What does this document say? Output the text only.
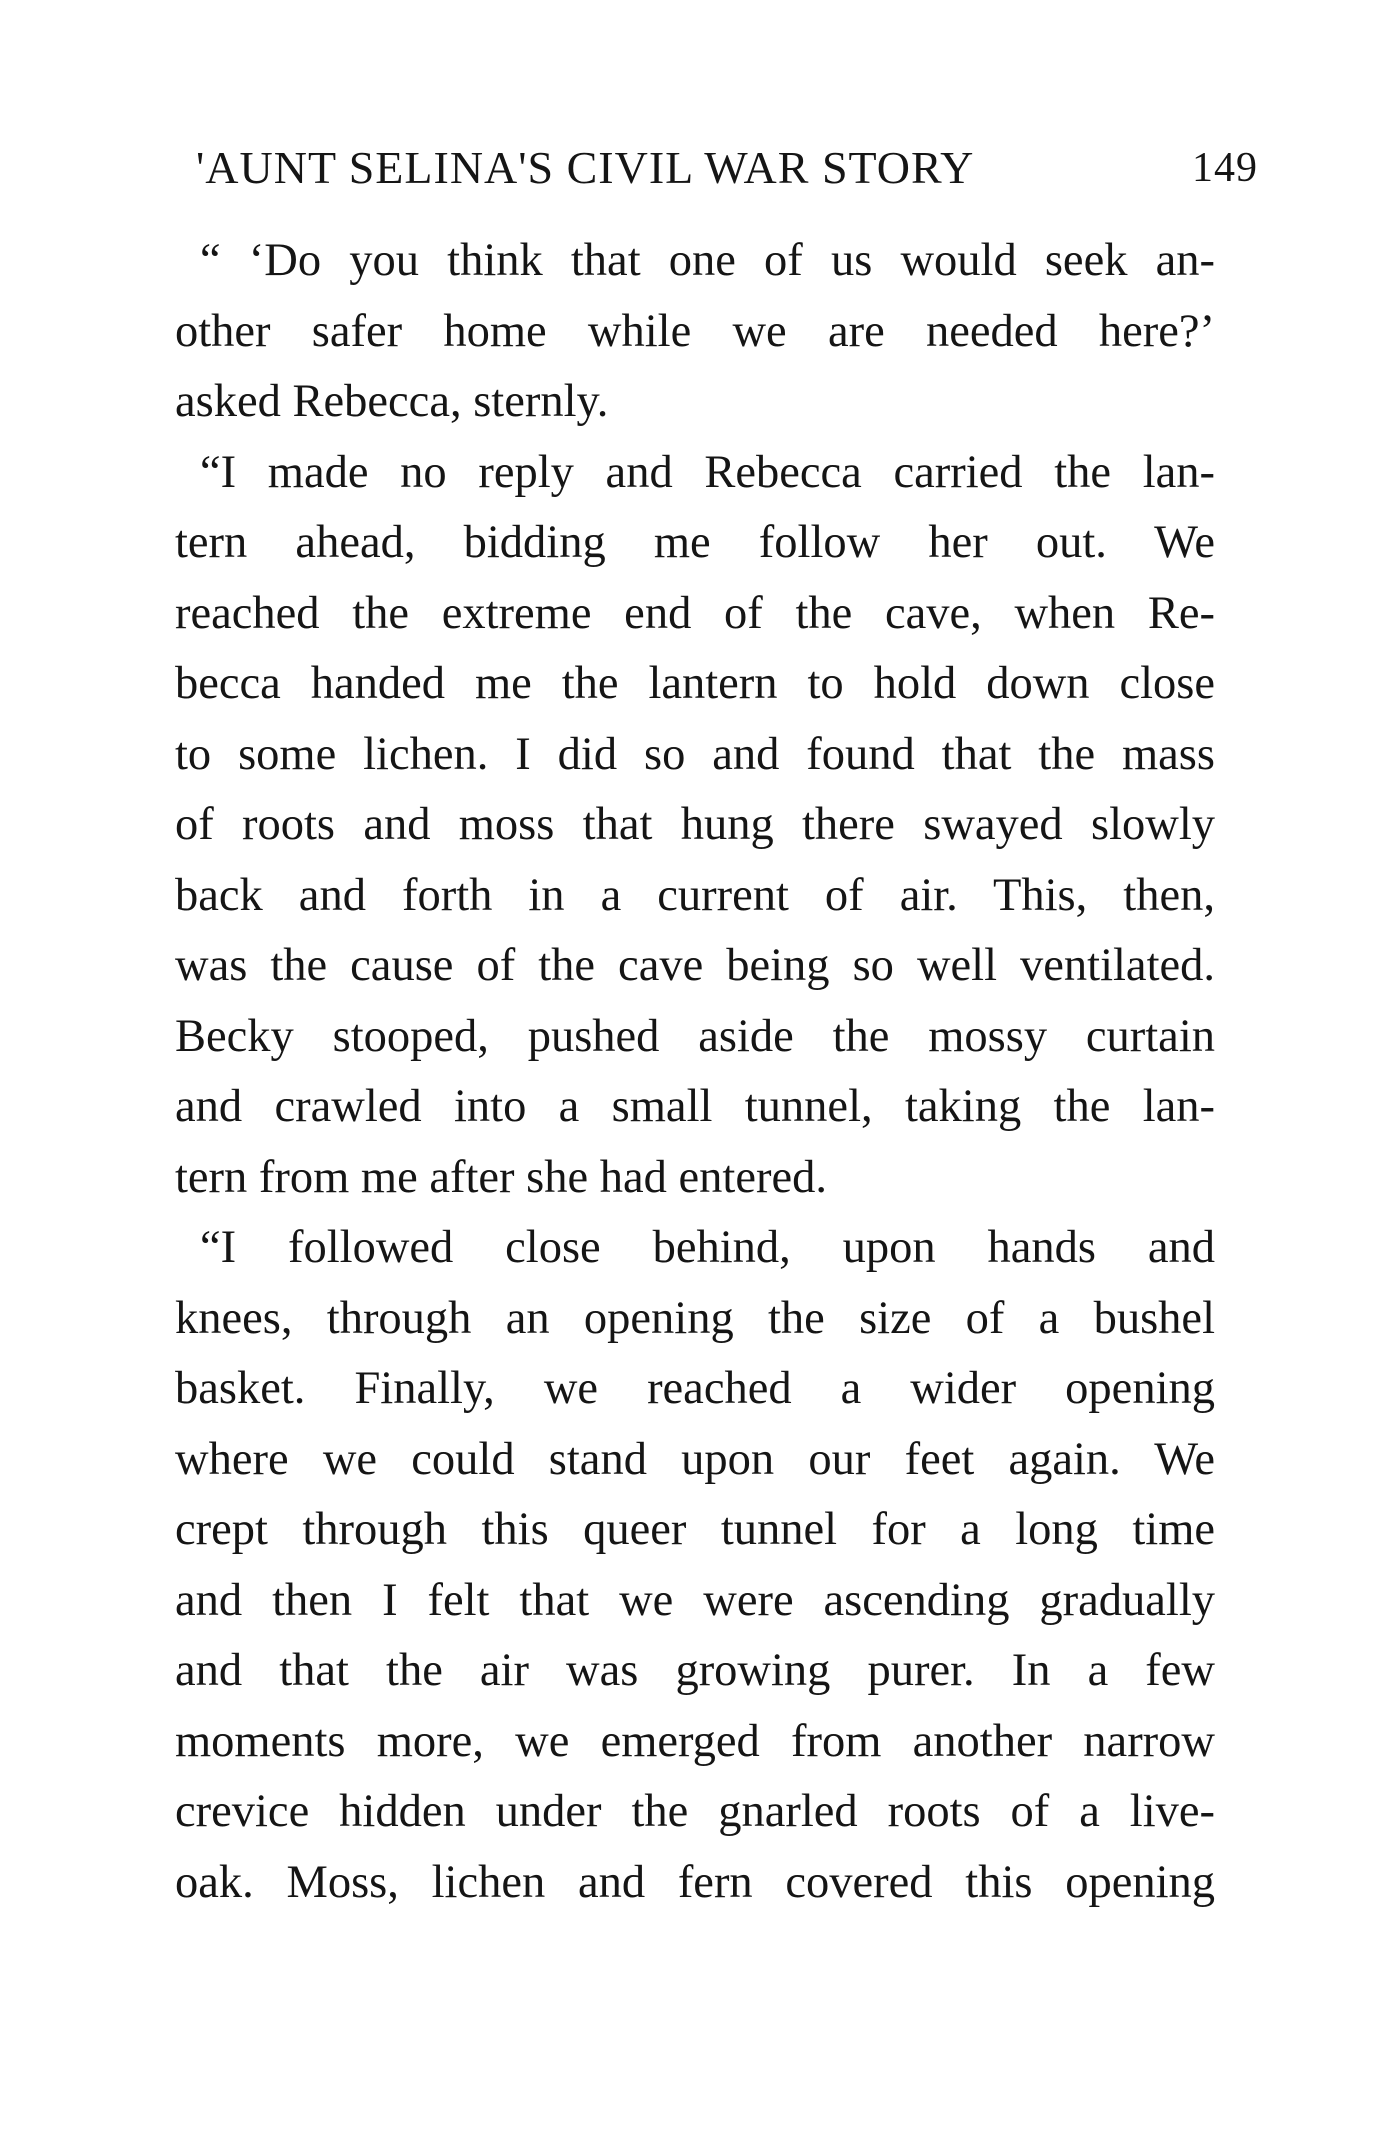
'AUNT SELINA'S CIVIL WAR STORY	149
“ ‘Do you think that one of us would seek an-
other safer home while we are needed here?’
asked Rebecca, sternly.
“I made no reply and Rebecca carried the lan-
tern ahead, bidding me follow her out. We
reached the extreme end of the cave, when Re-
becca handed me the lantern to hold down close
to some lichen. I did so and found that the mass
of roots and moss that hung there swayed slowly
back and forth in a current of air. This, then,
was the cause of the cave being so well ventilated.
Becky stooped, pushed aside the mossy curtain
and crawled into a small tunnel, taking the lan-
tern from me after she had entered.
“I followed close behind, upon hands and
knees, through an opening the size of a bushel
basket. Finally, we reached a wider opening
where we could stand upon our feet again. We
crept through this queer tunnel for a long time
and then I felt that we were ascending gradually
and that the air was growing purer. In a few
moments more, we emerged from another narrow
crevice hidden under the gnarled roots of a live-
oak. Moss, lichen and fern covered this opening
